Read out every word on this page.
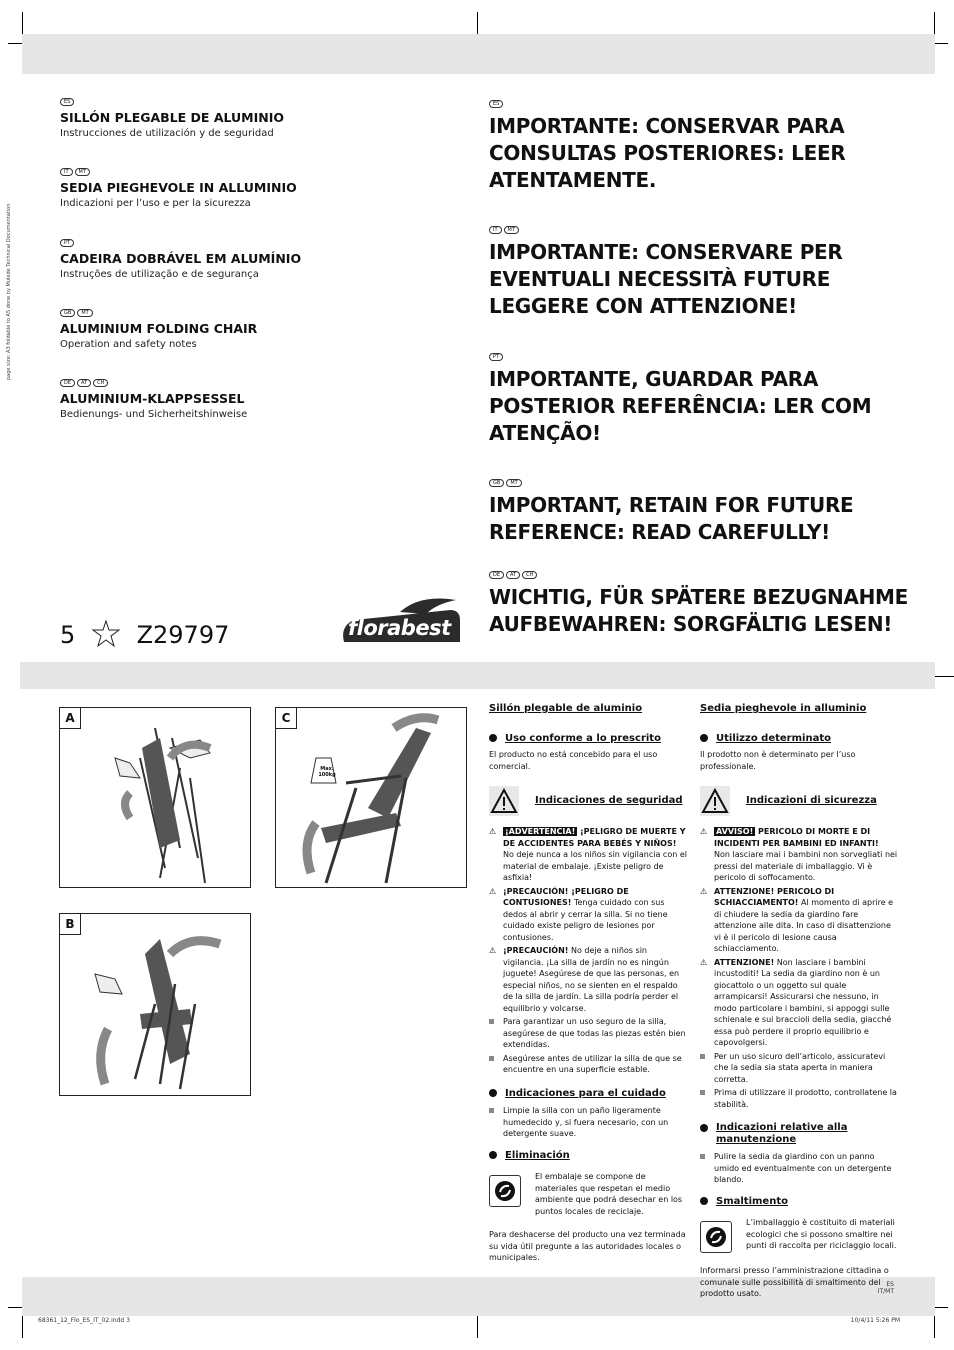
page size: A3 foldable to A5 done by Mulede Technical Documentation
ES
SILLÓN PLEGABLE DE ALUMINIO
Instrucciones de utilización y de seguridad
IT MT
SEDIA PIEGHEVOLE IN ALLUMINIO
Indicazioni per l’uso e per la sicurezza
PT
CADEIRA DOBRÁVEL EM ALUMÍNIO
Instruções de utilização e de segurança
GB MT
ALUMINIUM FOLDING CHAIR
Operation and safety notes
DE AT CH
ALUMINIUM-KLAPPSESSEL
Bedienungs- und Sicherheitshinweise
ES
IMPORTANTE: CONSERVAR PARA CONSULTAS POSTERIORES: LEER ATENTAMENTE.
IT MT
IMPORTANTE: CONSERVARE PER EVENTUALI NECESSITÀ FUTURE LEGGERE CON ATTENZIONE!
PT
IMPORTANTE, GUARDAR PARA POSTERIOR REFERÊNCIA: LER COM ATENÇÃO!
GB MT
IMPORTANT, RETAIN FOR FUTURE REFERENCE: READ CAREFULLY!
DE AT CH
WICHTIG, FÜR SPÄTERE BEZUGNAHME AUFBEWAHREN: SORGFÄLTIG LESEN!
5	Z29797	florabest
A	C
Max. 100kg
B
Sillón plegable de aluminio
Uso conforme a lo prescrito
El producto no está concebido para el uso comercial.
Indicaciones de seguridad
⚠	¡ADVERTENCIA! ¡PELIGRO DE MUERTE Y DE ACCIDENTES PARA BEBÉS Y NIÑOS!
No deje nunca a los niños sin vigilancia con el material de embalaje. ¡Existe peligro de asfixia!
⚠ ¡PRECAUCIÓN! ¡PELIGRO DE CONTUSIONES! Tenga cuidado con sus dedos al abrir y cerrar la silla. Si no tiene cuidado existe peligro de lesiones por contusiones.
⚠ ¡PRECAUCIÓN! No deje a niños sin vigilancia. ¡La silla de jardín no es ningún juguete! Asegúrese de que las personas, en especial niños, no se sienten en el respaldo de la silla de jardín. La silla podría perder el equilibrio y volcarse.
Para garantizar un uso seguro de la silla, asegúrese de que todas las piezas estén bien extendidas.
Asegúrese antes de utilizar la silla de que se encuentre en una superficie estable.
Indicaciones para el cuidado
Limpie la silla con un paño ligeramente humedecido y, si fuera necesario, con un detergente suave.
Eliminación
El embalaje se compone de materiales que respetan el medio ambiente que podrá desechar en los puntos locales de reciclaje.
Para deshacerse del producto una vez terminada su vida útil pregunte a las autoridades locales o municipales.
Sedia pieghevole in alluminio
Utilizzo determinato
Il prodotto non è determinato per l’uso professionale.
Indicazioni di sicurezza
⚠	AVVISO! PERICOLO DI MORTE E DI INCIDENTI PER BAMBINI ED INFANTI!
Non lasciare mai i bambini non sorvegliati nei pressi del materiale di imballaggio. Vi è pericolo di soffocamento.
⚠ ATTENZIONE! PERICOLO DI SCHIACCIAMENTO! Al momento di aprire e di chiudere la sedia da giardino fare attenzione alle dita. In caso di disattenzione vi è il pericolo di lesione causa schiacciamento.
⚠ ATTENZIONE! Non lasciare i bambini incustoditi! La sedia da giardino non è un giocattolo o un oggetto sul quale arrampicarsi! Assicurarsi che nessuno, in modo particolare i bambini, si appoggi sulle schienale e sui braccioli della sedia, giacché essa può perdere il proprio equilibrio e capovolgersi.
Per un uso sicuro dell’articolo, assicuratevi che la sedia sia stata aperta in maniera corretta.
Prima di utilizzare il prodotto, controllatene la stabilità.
Indicazioni relative alla manutenzione
Pulire la sedia da giardino con un panno umido ed eventualmente con un detergente blando.
Smaltimento
L’imballaggio è costituito di materiali ecologici che si possono smaltire nei punti di raccolta per riciclaggio locali.
Informarsi presso l’amministrazione cittadina o comunale sulle possibilità di smaltimento del prodotto usato.
ES
IT/MT
68361_12_Flo_ES_IT_02.indd 3	10/4/11 5:26 PM
